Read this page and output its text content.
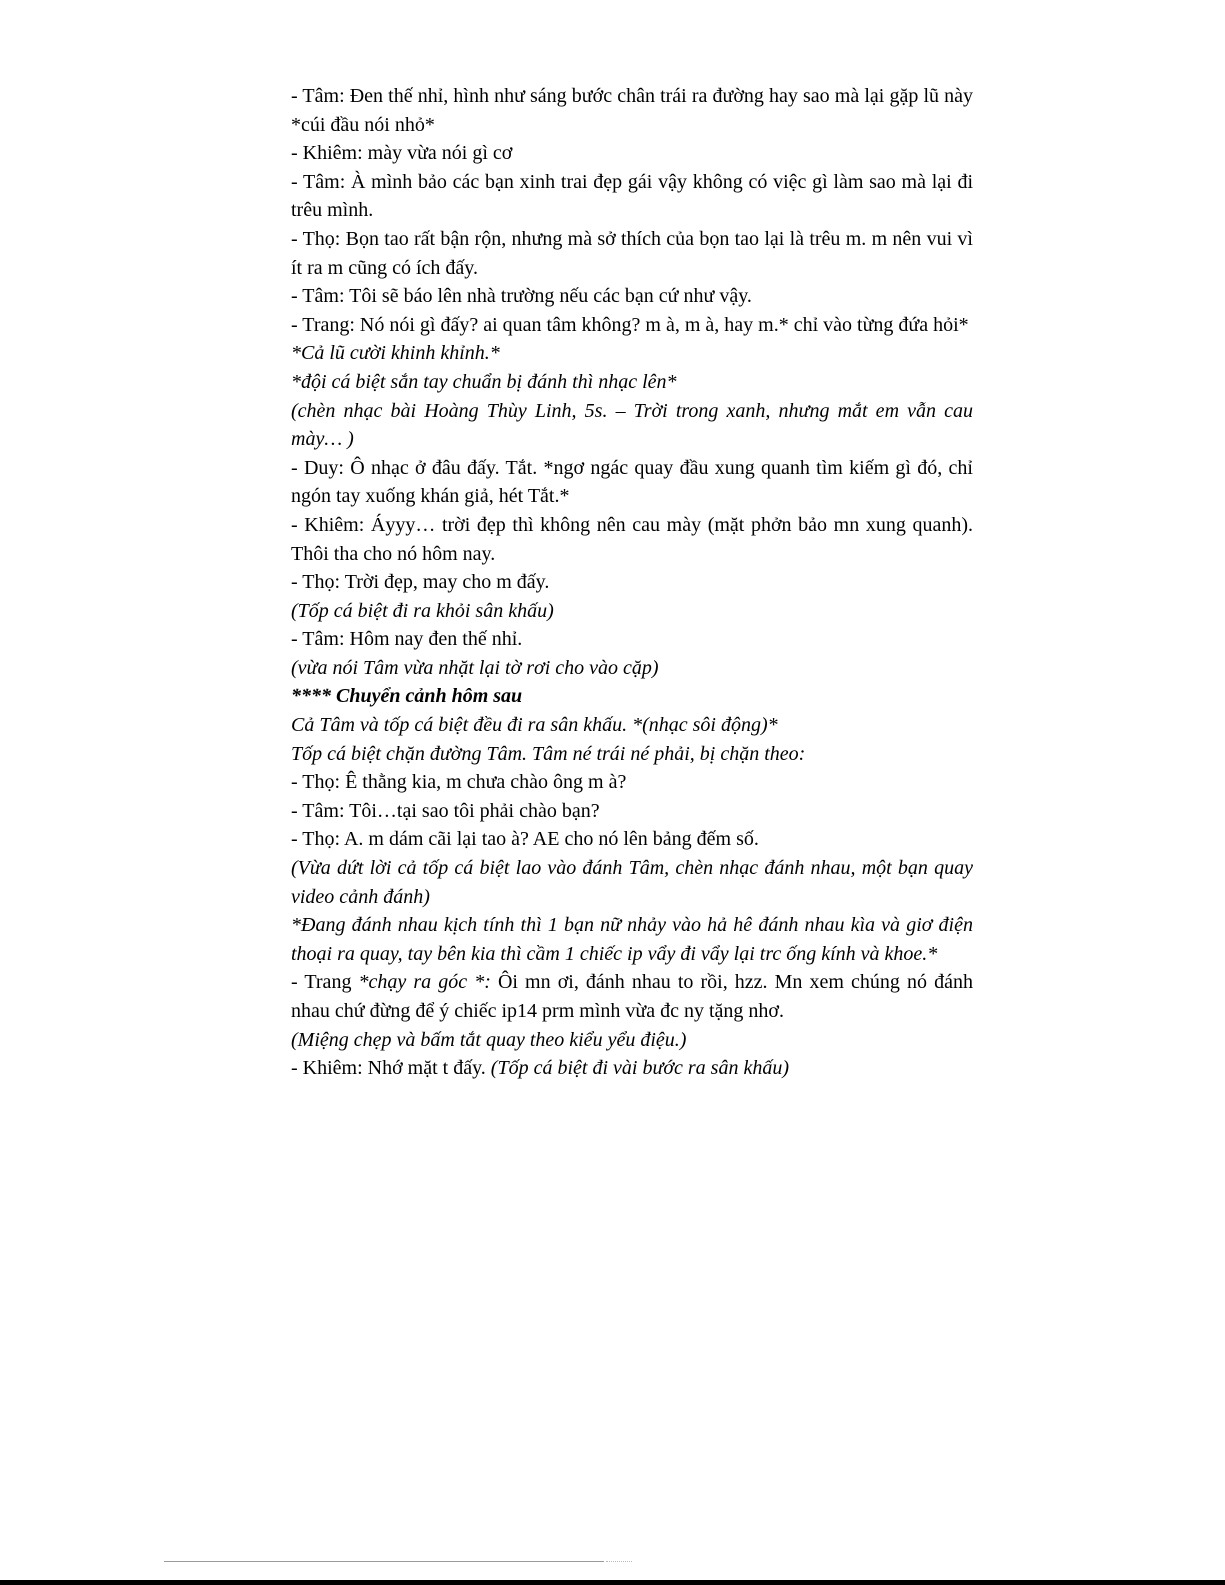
- Tâm: Đen thế nhỉ, hình như sáng bước chân trái ra đường hay sao mà lại gặp lũ này *cúi đầu nói nhỏ*

- Khiêm: mày vừa nói gì cơ

- Tâm: À mình bảo các bạn xinh trai đẹp gái vậy không có việc gì làm sao mà lại đi trêu mình.

- Thọ: Bọn tao rất bận rộn, nhưng mà sở thích của bọn tao lại là trêu m. m nên vui vì ít ra m cũng có ích đấy.

- Tâm: Tôi sẽ báo lên nhà trường nếu các bạn cứ như vậy.

- Trang: Nó nói gì đấy? ai quan tâm không? m à, m à, hay m.* chỉ vào từng đứa hỏi*

*Cả lũ cười khinh khỉnh.*

*đội cá biệt sắn tay chuẩn bị đánh thì nhạc lên*

(chèn nhạc bài Hoàng Thùy Linh, 5s. – Trời trong xanh, nhưng mắt em vẫn cau mày… )

- Duy: Ô nhạc ở đâu đấy. Tắt. *ngơ ngác quay đầu xung quanh tìm kiếm gì đó, chỉ ngón tay xuống khán giả, hét Tắt.*

- Khiêm: Áyyy… trời đẹp thì không nên cau mày (mặt phởn bảo mn xung quanh). Thôi tha cho nó hôm nay.

- Thọ: Trời đẹp, may cho m đấy.

(Tốp cá biệt đi ra khỏi sân khấu)

- Tâm: Hôm nay đen thế nhỉ.

(vừa nói Tâm vừa nhặt lại tờ rơi cho vào cặp)

**** Chuyển cảnh hôm sau

Cả Tâm và tốp cá biệt đều đi ra sân khấu. *(nhạc sôi động)*

Tốp cá biệt chặn đường Tâm. Tâm né trái né phải, bị chặn theo:

- Thọ: Ê thằng kia, m chưa chào ông m à?

- Tâm: Tôi…tại sao tôi phải chào bạn?

- Thọ: A. m dám cãi lại tao à? AE cho nó lên bảng đếm số.

(Vừa dứt lời cả tốp cá biệt lao vào đánh Tâm, chèn nhạc đánh nhau, một bạn quay video cảnh đánh)

*Đang đánh nhau kịch tính thì 1 bạn nữ nhảy vào hả hê đánh nhau kìa và giơ điện thoại ra quay, tay bên kia thì cầm 1 chiếc ip vẩy đi vẩy lại trc ống kính và khoe.*

- Trang *chạy ra góc *: Ôi mn ơi, đánh nhau to rồi, hzz. Mn xem chúng nó đánh nhau chứ đừng để ý chiếc ip14 prm mình vừa đc ny tặng nhơ.

(Miệng chẹp và bấm tắt quay theo kiểu yểu điệu.)

- Khiêm: Nhớ mặt t đấy. (Tốp cá biệt đi vài bước ra sân khấu)
